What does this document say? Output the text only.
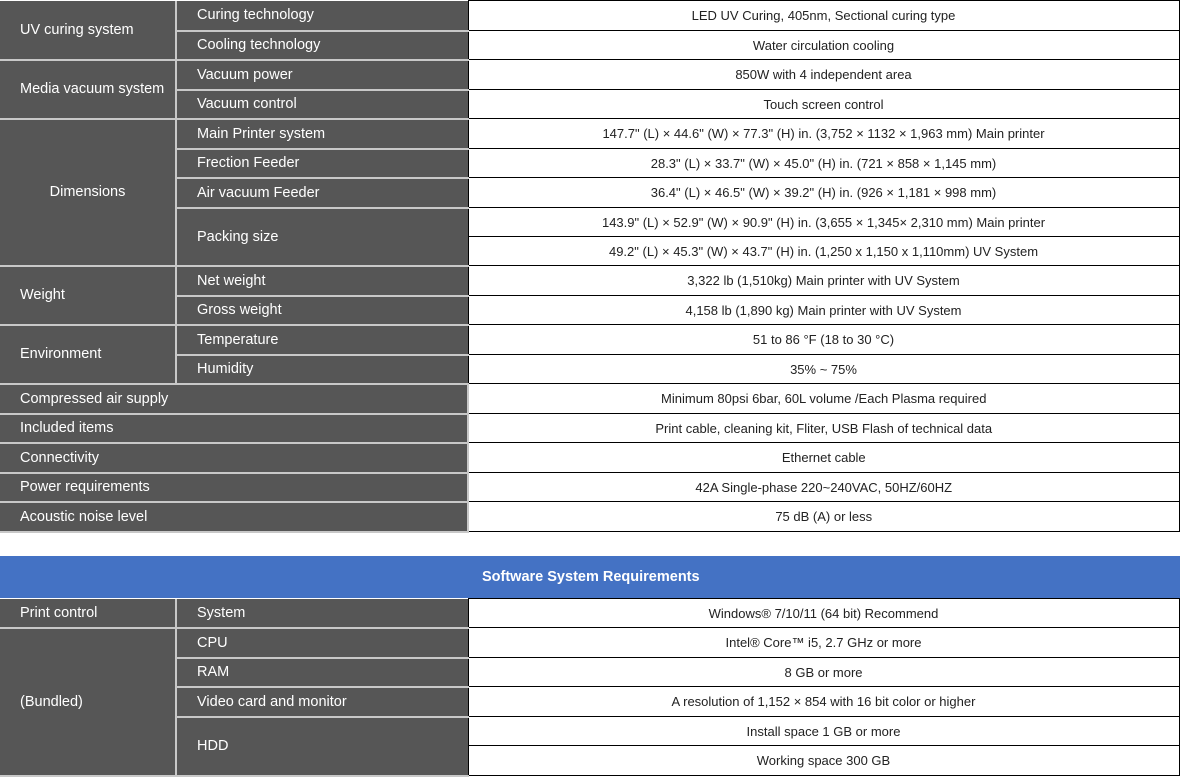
UV curing system	Curing technology	LED UV Curing, 405nm, Sectional curing type
	Cooling technology	Water circulation cooling
Media vacuum system	Vacuum power	850W with 4 independent area
	Vacuum control	Touch screen control
Dimensions	Main Printer system	147.7" (L) × 44.6" (W) × 77.3" (H) in. (3,752 × 1132 × 1,963 mm) Main printer
	Frection Feeder	28.3" (L) × 33.7" (W) × 45.0" (H) in. (721 × 858 × 1,145 mm)
	Air vacuum Feeder	36.4" (L) × 46.5" (W) × 39.2" (H) in. (926 × 1,181 × 998 mm)
	Packing size	143.9" (L) × 52.9" (W) × 90.9" (H) in. (3,655 × 1,345× 2,310 mm) Main printer
		49.2" (L) × 45.3" (W) × 43.7" (H) in. (1,250 x 1,150 x 1,110mm) UV System
Weight	Net weight	3,322 lb (1,510kg) Main printer with UV System
	Gross weight	4,158 lb (1,890 kg) Main printer with UV System
Environment	Temperature	51 to 86 °F (18 to 30 °C)
	Humidity	35% ~ 75%
Compressed air supply		Minimum 80psi 6bar, 60L volume /Each Plasma required
Included items		Print cable, cleaning kit, Fliter, USB Flash of technical data
Connectivity		Ethernet cable
Power requirements		42A Single-phase 220~240VAC, 50HZ/60HZ
Acoustic noise level		75 dB (A) or less
Software System Requirements
Print control	System	Windows® 7/10/11 (64 bit) Recommend
(Bundled)	CPU	Intel® Core™ i5, 2.7 GHz or more
	RAM	8 GB or more
	Video card and monitor	A resolution of 1,152 × 854 with 16 bit color or higher
	HDD	Install space 1 GB or more
		Working space 300 GB
